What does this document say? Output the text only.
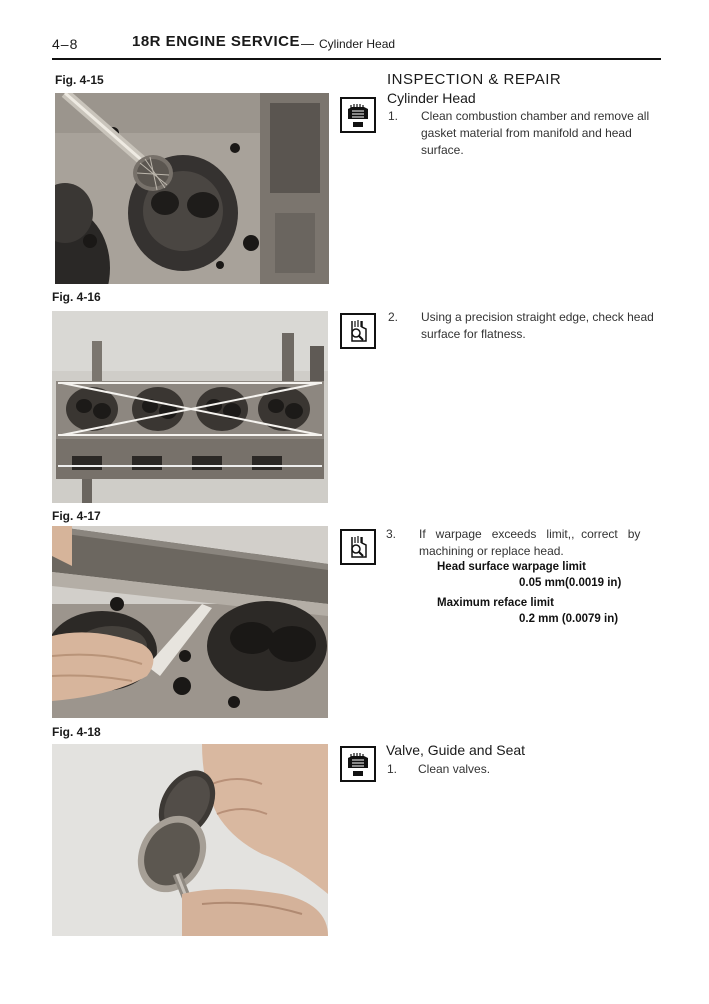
4–8	18R ENGINE SERVICE — Cylinder Head
Fig. 4-15	INSPECTION & REPAIR
Cylinder Head
1. Clean combustion chamber and remove all
gasket material from manifold and head
surface.
Fig. 4-16
2. Using a precision straight edge, check head
surface for flatness.
Fig. 4-17
3. If   warpage   exceeds   limit,,  correct   by
machining or replace head.
Head surface warpage limit
0.05 mm(0.0019 in)
Maximum reface limit
0.2 mm (0.0079 in)
Fig. 4-18
Valve, Guide and Seat
1. Clean valves.
